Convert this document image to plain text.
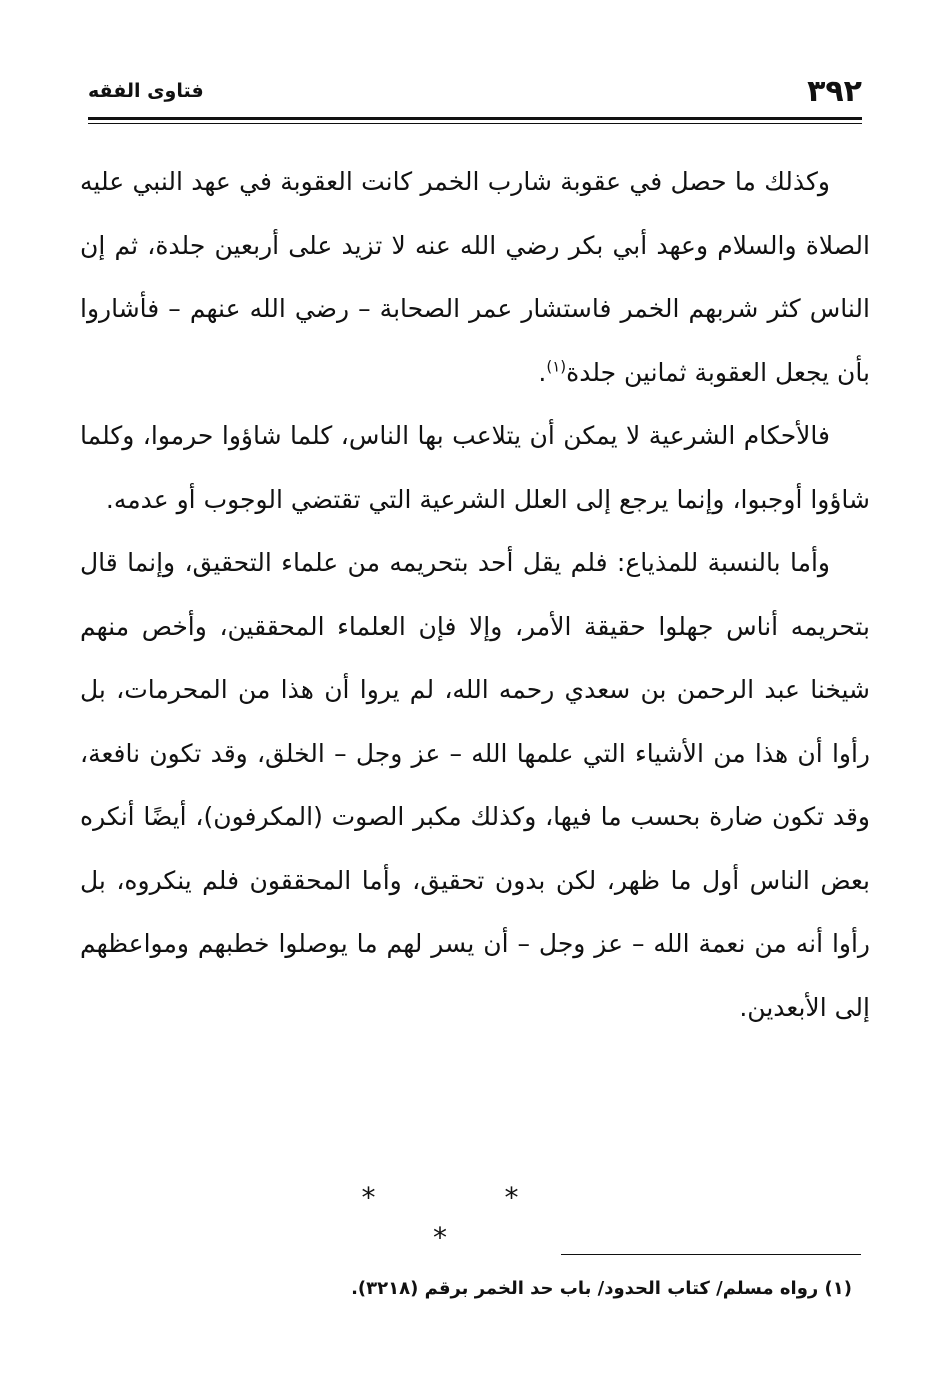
٣٩٢
فتاوى الفقه

وكذلك ما حصل في عقوبة شارب الخمر كانت العقوبة في عهد النبي عليه الصلاة والسلام وعهد أبي بكر رضي الله عنه لا تزيد على أربعين جلدة، ثم إن الناس كثر شربهم الخمر فاستشار عمر الصحابة – رضي الله عنهم – فأشاروا بأن يجعل العقوبة ثمانين جلدة$^{(١)}$.

فالأحكام الشرعية لا يمكن أن يتلاعب بها الناس، كلما شاؤوا حرموا، وكلما شاؤوا أوجبوا، وإنما يرجع إلى العلل الشرعية التي تقتضي الوجوب أو عدمه.

وأما بالنسبة للمذياع: فلم يقل أحد بتحريمه من علماء التحقيق، وإنما قال بتحريمه أناس جهلوا حقيقة الأمر، وإلا فإن العلماء المحققين، وأخص منهم شيخنا عبد الرحمن بن سعدي رحمه الله، لم يروا أن هذا من المحرمات، بل رأوا أن هذا من الأشياء التي علمها الله – عز وجل – الخلق، وقد تكون نافعة، وقد تكون ضارة بحسب ما فيها، وكذلك مكبر الصوت (المكرفون)، أيضًا أنكره بعض الناس أول ما ظهر، لكن بدون تحقيق، وأما المحققون فلم ينكروه، بل رأوا أنه من نعمة الله – عز وجل – أن يسر لهم ما يوصلوا خطبهم ومواعظهم إلى الأبعدين.

* * *
(١) رواه مسلم/ كتاب الحدود/ باب حد الخمر برقم (٣٢١٨).
